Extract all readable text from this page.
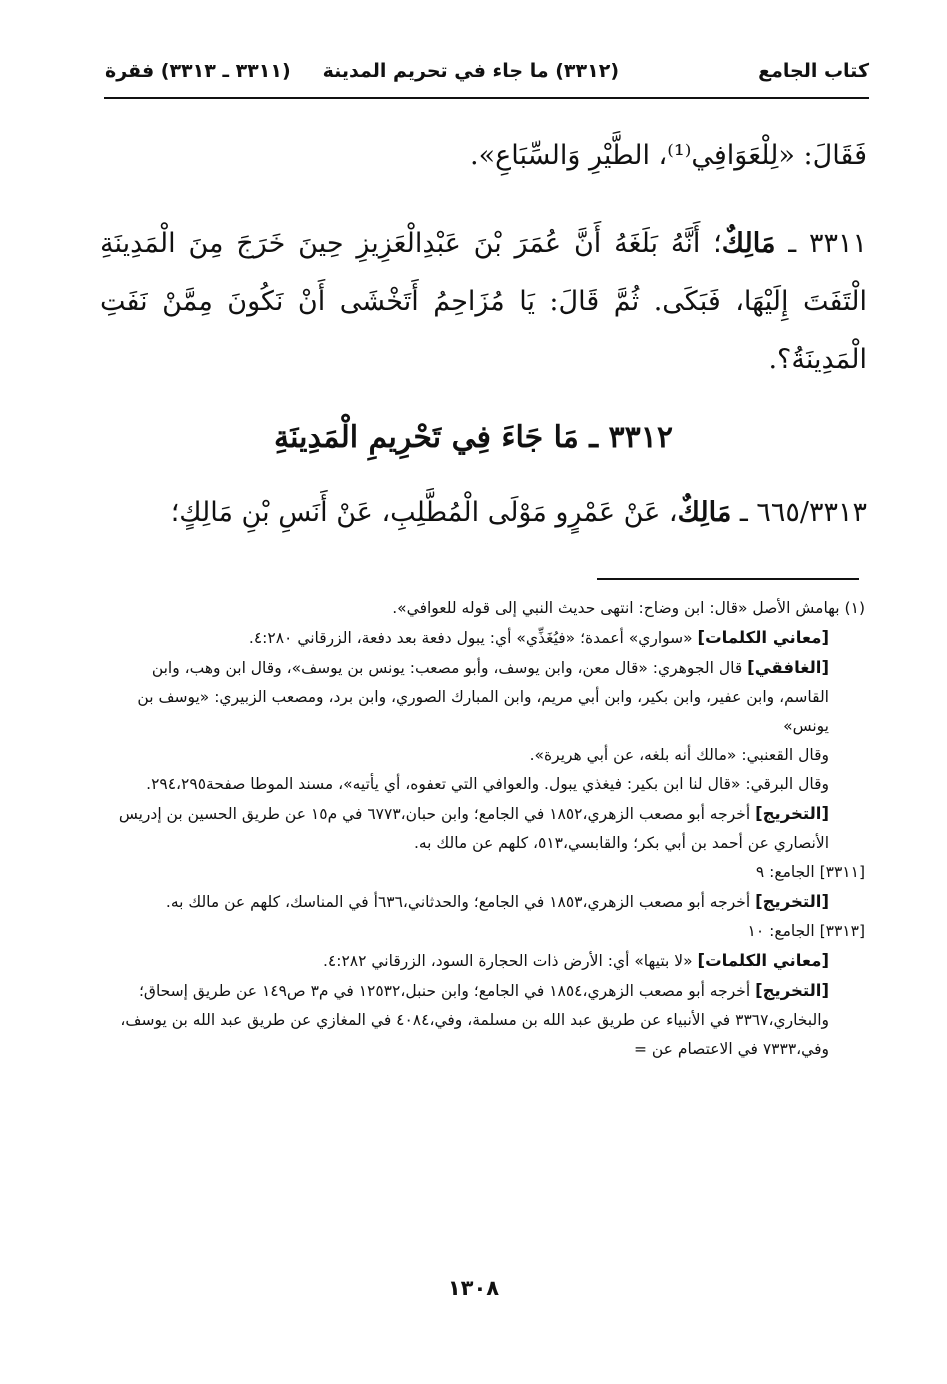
كتاب الجامع
(٣٣١٢) ما جاء في تحريم المدينة
(٣٣١١ ـ ٣٣١٣) فقرة
فَقَالَ: «لِلْعَوَافِي⁽¹⁾، الطَّيْرِ وَالسِّبَاعِ».
٣٣١١ ـ مَالِكٌ؛ أَنَّهُ بَلَغَهُ أَنَّ عُمَرَ بْنَ عَبْدِالْعَزِيزِ حِينَ خَرَجَ مِنَ الْمَدِينَةِ الْتَفَتَ إِلَيْهَا، فَبَكَى. ثُمَّ قَالَ: يَا مُزَاحِمُ أَتَخْشَى أَنْ نَكُونَ مِمَّنْ نَفَتِ الْمَدِينَةُ؟.
٣٣١٢ ـ مَا جَاءَ فِي تَحْرِيمِ الْمَدِينَةِ
٦٦٥/٣٣١٣ ـ مَالِكٌ، عَنْ عَمْرٍو مَوْلَى الْمُطَّلِبِ، عَنْ أَنَسِ بْنِ مَالِكٍ؛

(١) بهامش الأصل «قال: ابن وضاح: انتهى حديث النبي إلى قوله للعوافي».

[معاني الكلمات] «سواري» أعمدة؛ «فيُغَذِّي» أي: يبول دفعة بعد دفعة، الزرقاني ٤:٢٨٠.

[الغافقي] قال الجوهري: «قال معن، وابن يوسف، وأبو مصعب: يونس بن يوسف»، وقال ابن وهب، وابن القاسم، وابن عفير، وابن بكير، وابن أبي مريم، وابن المبارك الصوري، وابن برد، ومصعب الزبيري: «يوسف بن يونس»

وقال القعنبي: «مالك أنه بلغه، عن أبي هريرة».

وقال البرقي: «قال لنا ابن بكير: فيغذي يبول. والعوافي التي تعفوه، أي يأتيه»، مسند الموطا صفحة٢٩٤،٢٩٥.

[التخريج] أخرجه أبو مصعب الزهري،١٨٥٢ في الجامع؛ وابن حبان،٦٧٧٣ في م١٥ عن طريق الحسين بن إدريس الأنصاري عن أحمد بن أبي بكر؛ والقابسي،٥١٣، كلهم عن مالك به.

[٣٣١١] الجامع: ٩

[التخريج] أخرجه أبو مصعب الزهري،١٨٥٣ في الجامع؛ والحدثاني،٦٣٦أ في المناسك، كلهم عن مالك به.

[٣٣١٣] الجامع: ١٠

[معاني الكلمات] «لا بتيها» أي: الأرض ذات الحجارة السود، الزرقاني ٤:٢٨٢.

[التخريج] أخرجه أبو مصعب الزهري،١٨٥٤ في الجامع؛ وابن حنبل،١٢٥٣٢ في م٣ ص١٤٩ عن طريق إسحاق؛ والبخاري،٣٣٦٧ في الأنبياء عن طريق عبد الله بن مسلمة، وفي،٤٠٨٤ في المغازي عن طريق عبد الله بن يوسف، وفي،٧٣٣٣ في الاعتصام عن =

١٣٠٨
